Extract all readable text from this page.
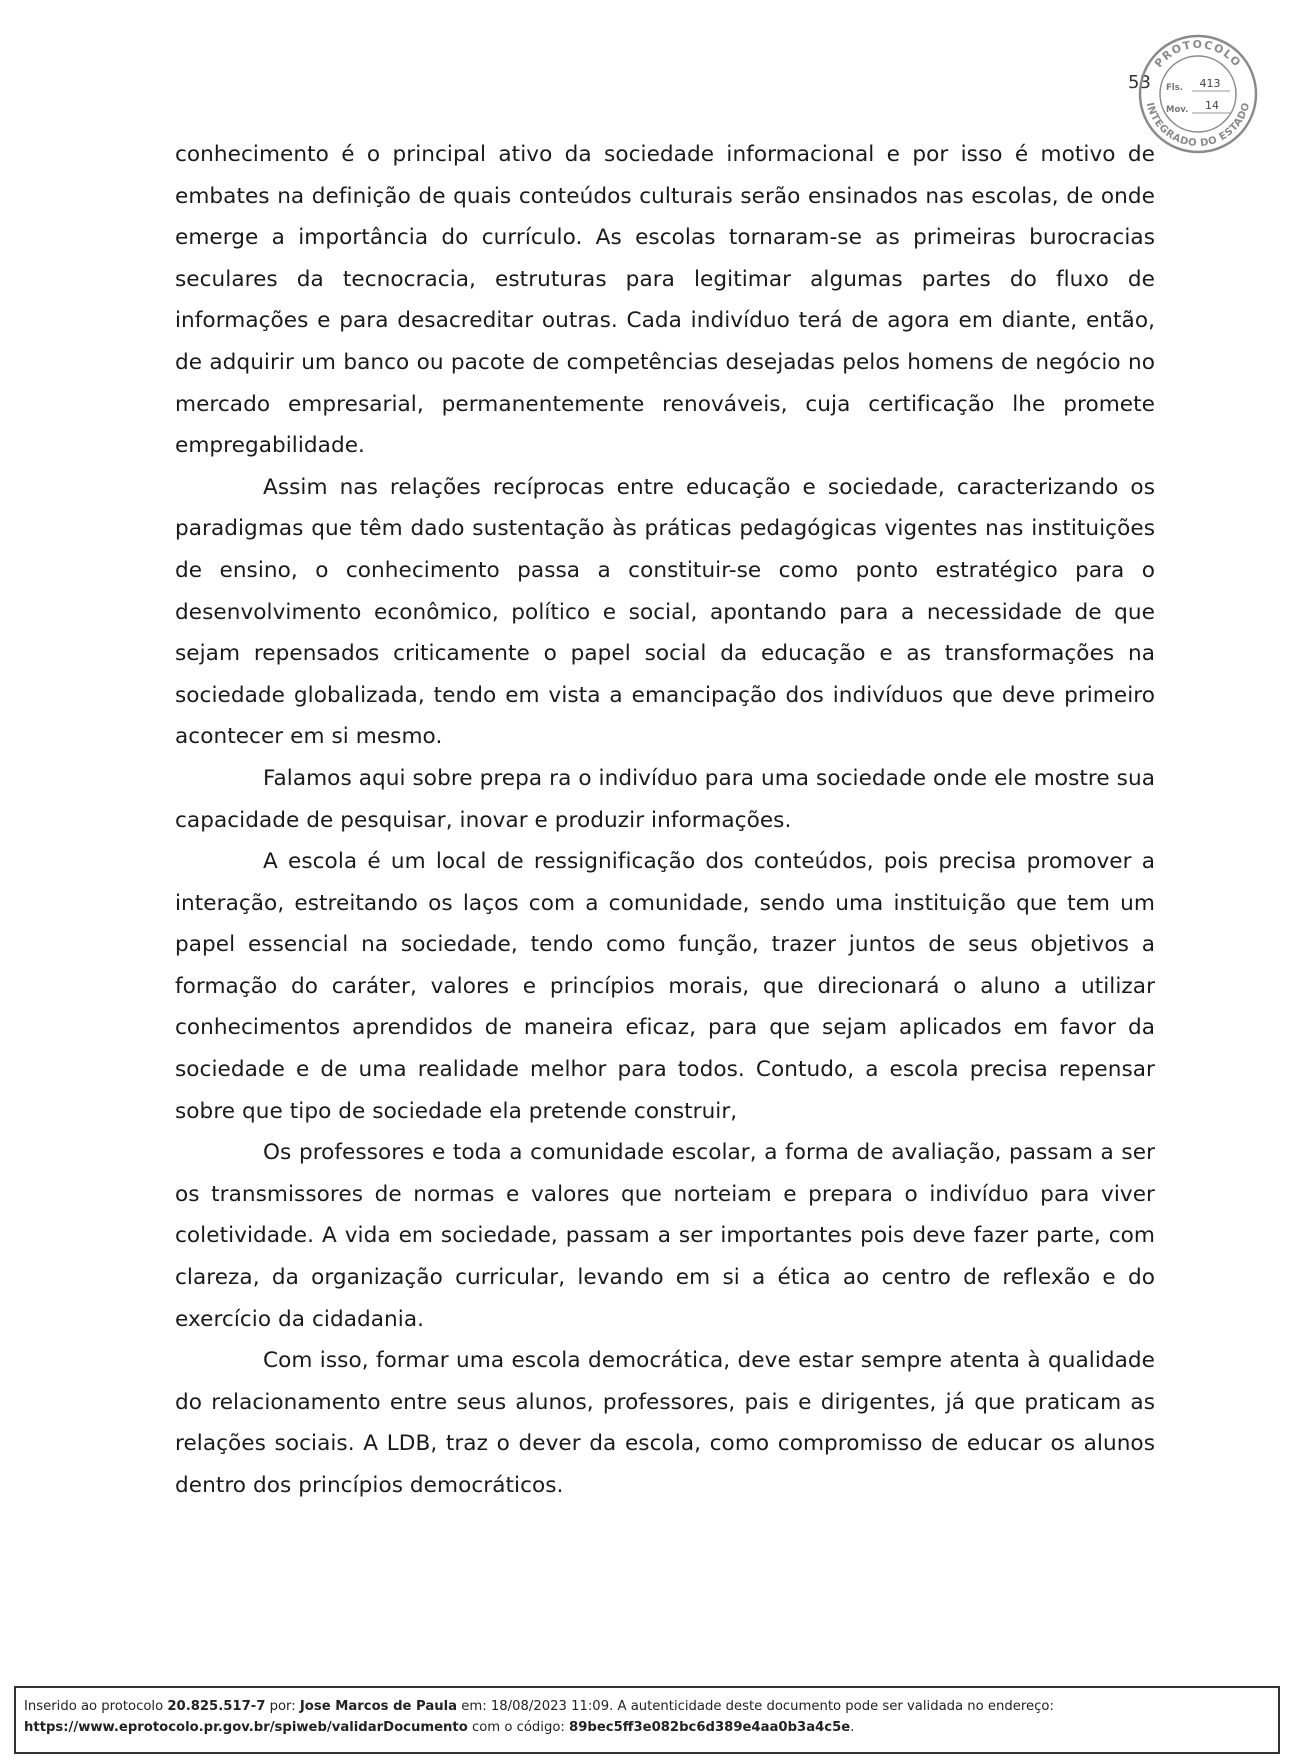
53
PROTOCOLO
INTEGRADO DO ESTADO
Fls. 413
Mov. 14

conhecimento é o principal ativo da sociedade informacional e por isso é motivo de embates na definição de quais conteúdos culturais serão ensinados nas escolas, de onde emerge a importância do currículo. As escolas tornaram-se as primeiras burocracias seculares da tecnocracia, estruturas para legitimar algumas partes do fluxo de informações e para desacreditar outras. Cada indivíduo terá de agora em diante, então, de adquirir um banco ou pacote de competências desejadas pelos homens de negócio no mercado empresarial, permanentemente renováveis, cuja certificação lhe promete empregabilidade.

Assim nas relações recíprocas entre educação e sociedade, caracterizando os paradigmas que têm dado sustentação às práticas pedagógicas vigentes nas instituições de ensino, o conhecimento passa a constituir-se como ponto estratégico para o desenvolvimento econômico, político e social, apontando para a necessidade de que sejam repensados criticamente o papel social da educação e as transformações na sociedade globalizada, tendo em vista a emancipação dos indivíduos que deve primeiro acontecer em si mesmo.

Falamos aqui sobre prepa ra o indivíduo para uma sociedade onde ele mostre sua capacidade de pesquisar, inovar e produzir informações.

A escola é um local de ressignificação dos conteúdos, pois precisa promover a interação, estreitando os laços com a comunidade, sendo uma instituição que tem um papel essencial na sociedade, tendo como função, trazer juntos de seus objetivos a formação do caráter, valores e princípios morais, que direcionará o aluno a utilizar conhecimentos aprendidos de maneira eficaz, para que sejam aplicados em favor da sociedade e de uma realidade melhor para todos. Contudo, a escola precisa repensar sobre que tipo de sociedade ela pretende construir,

Os professores e toda a comunidade escolar, a forma de avaliação, passam a ser os transmissores de normas e valores que norteiam e prepara o indivíduo para viver coletividade. A vida em sociedade, passam a ser importantes pois deve fazer parte, com clareza, da organização curricular, levando em si a ética ao centro de reflexão e do exercício da cidadania.

Com isso, formar uma escola democrática, deve estar sempre atenta à qualidade do relacionamento entre seus alunos, professores, pais e dirigentes, já que praticam as relações sociais. A LDB, traz o dever da escola, como compromisso de educar os alunos dentro dos princípios democráticos.

Inserido ao protocolo 20.825.517-7 por: Jose Marcos de Paula em: 18/08/2023 11:09. A autenticidade deste documento pode ser validada no endereço:
https://www.eprotocolo.pr.gov.br/spiweb/validarDocumento com o código: 89bec5ff3e082bc6d389e4aa0b3a4c5e.
